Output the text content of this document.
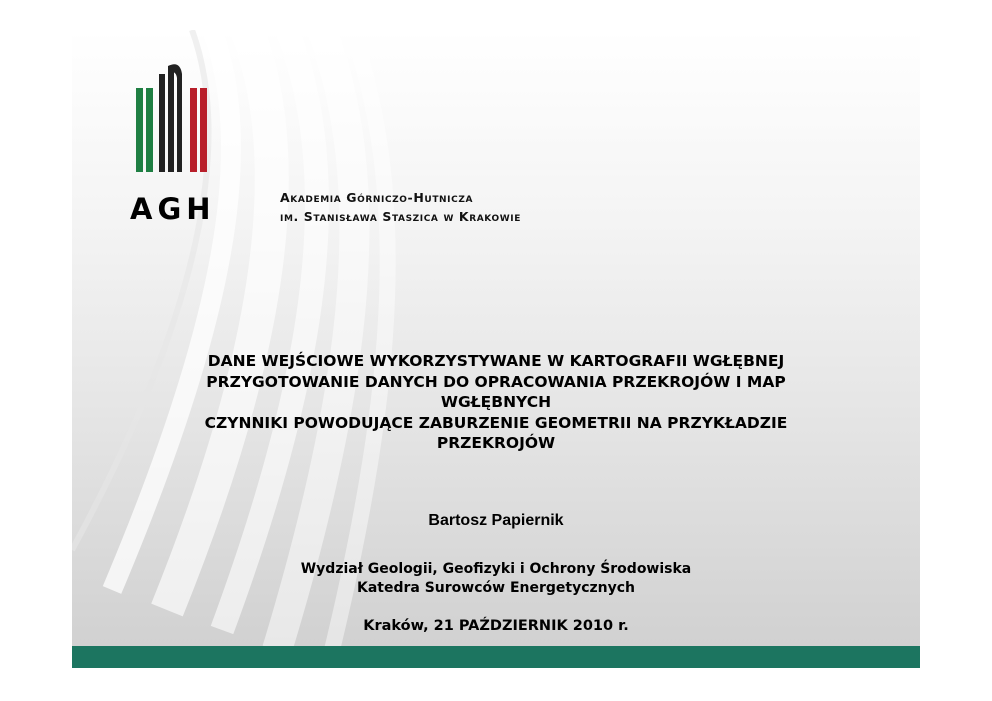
AGH	Akademia Górniczo-Hutnicza
im. Stanisława Staszica w Krakowie
DANE WEJŚCIOWE WYKORZYSTYWANE W KARTOGRAFII WGŁĘBNEJ
PRZYGOTOWANIE DANYCH DO OPRACOWANIA PRZEKROJÓW I MAP
WGŁĘBNYCH
CZYNNIKI POWODUJĄCE ZABURZENIE GEOMETRII NA PRZYKŁADZIE
PRZEKROJÓW
Bartosz Papiernik
Wydział Geologii, Geofizyki i Ochrony Środowiska
Katedra Surowców Energetycznych
Kraków, 21 PAŹDZIERNIK 2010 r.
